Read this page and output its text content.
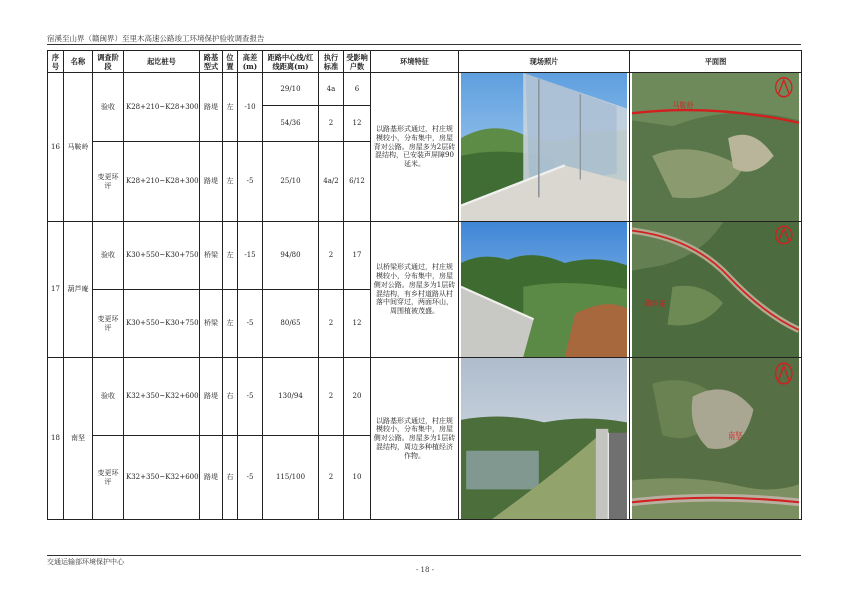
宿溪至山界（赣闽界）至里木高速公路竣工环境保护验收调查报告
序号	名称	调查阶段	起讫桩号	路基型式	位置	高差(m)	距路中心线/红线距离(m)	执行标准	受影响户数	环境特征	现场照片	平面图
16	马鞍岭	验收	K28+210~K28+300	路堤	左	-10	29/10	4a	6	以路基形式通过，村庄规模较小，分布集中，房屋背对公路。房屋多为2层砖混结构，已安装声屏障90延米。		马鞍岭

							54/36	2	12			
		变更环评	K28+210~K28+300	路堤	左	-5	25/10	4a/2	6/12			

17	葫芦庵	验收	K30+550~K30+750	桥梁	左	-15	94/80	2	17	以桥梁形式通过，村庄规模较小，分布集中，房屋侧对公路。房屋多为1层砖混结构，有乡村道路从村落中间穿过，两面环山，周围植被茂盛。		葫芦庵

		变更环评	K30+550~K30+750	桥梁	左	-5	80/65	2	12			
18	南坚	验收	K32+350~K32+600	路堤	右	-5	130/94	2	20	以路基形式通过，村庄规模较小，分布集中，房屋侧对公路。房屋多为1层砖混结构，周边多种植经济作物。		南坚

		变更环评	K32+350~K32+600	路堤	右	-5	115/100	2	10			
交通运输部环境保护中心
- 18 -
